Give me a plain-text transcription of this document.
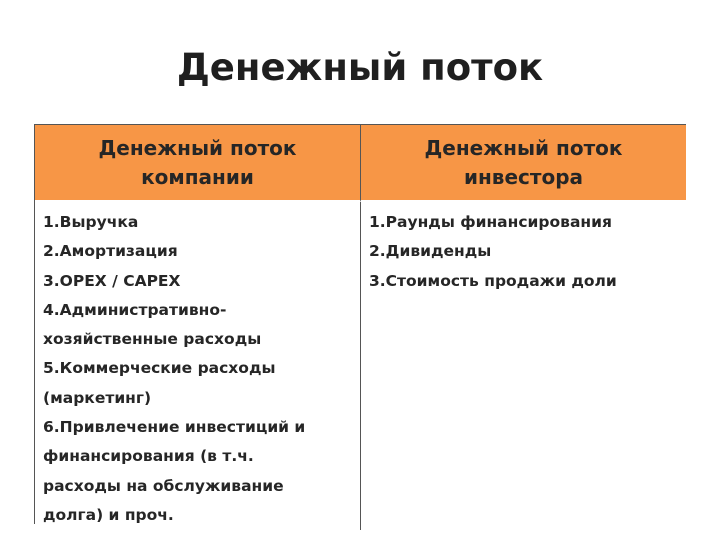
Денежный поток
Денежный поток компании
Денежный поток инвестора
1.Выручка
2.Амортизация
3.OPEX / CAPEX
4.Административно-
хозяйственные расходы
5.Коммерческие расходы
(маркетинг)
6.Привлечение инвестиций и
финансирования (в т.ч.
расходы на обслуживание
долга) и проч.
1.Раунды финансирования
2.Дивиденды
3.Стоимость продажи доли
